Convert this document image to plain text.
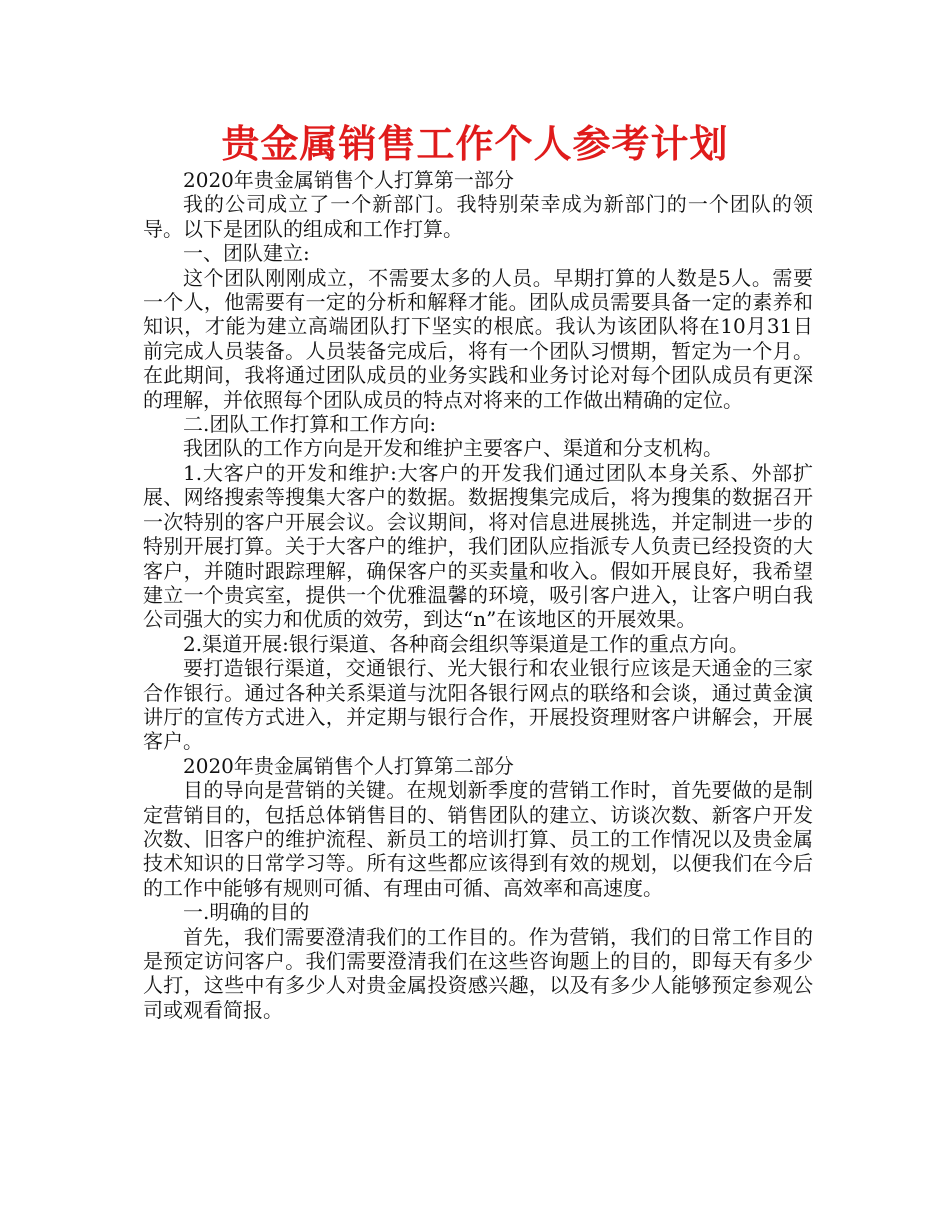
贵金属销售工作个人参考计划

2020年贵金属销售个人打算第一部分

我的公司成立了一个新部门。我特别荣幸成为新部门的一个团队的领导。以下是团队的组成和工作打算。

一、团队建立:

这个团队刚刚成立，不需要太多的人员。早期打算的人数是5人。需要一个人，他需要有一定的分析和解释才能。团队成员需要具备一定的素养和知识，才能为建立高端团队打下坚实的根底。我认为该团队将在10月31日前完成人员装备。人员装备完成后，将有一个团队习惯期，暂定为一个月。在此期间，我将通过团队成员的业务实践和业务讨论对每个团队成员有更深的理解，并依照每个团队成员的特点对将来的工作做出精确的定位。

二.团队工作打算和工作方向:

我团队的工作方向是开发和维护主要客户、渠道和分支机构。

1.大客户的开发和维护:大客户的开发我们通过团队本身关系、外部扩展、网络搜索等搜集大客户的数据。数据搜集完成后，将为搜集的数据召开一次特别的客户开展会议。会议期间，将对信息进展挑选，并定制进一步的特别开展打算。关于大客户的维护，我们团队应指派专人负责已经投资的大客户，并随时跟踪理解，确保客户的买卖量和收入。假如开展良好，我希望建立一个贵宾室，提供一个优雅温馨的环境，吸引客户进入，让客户明白我公司强大的实力和优质的效劳，到达“n”在该地区的开展效果。

2.渠道开展:银行渠道、各种商会组织等渠道是工作的重点方向。

要打造银行渠道，交通银行、光大银行和农业银行应该是天通金的三家合作银行。通过各种关系渠道与沈阳各银行网点的联络和会谈，通过黄金演讲厅的宣传方式进入，并定期与银行合作，开展投资理财客户讲解会，开展客户。

2020年贵金属销售个人打算第二部分

目的导向是营销的关键。在规划新季度的营销工作时，首先要做的是制定营销目的，包括总体销售目的、销售团队的建立、访谈次数、新客户开发次数、旧客户的维护流程、新员工的培训打算、员工的工作情况以及贵金属技术知识的日常学习等。所有这些都应该得到有效的规划，以便我们在今后的工作中能够有规则可循、有理由可循、高效率和高速度。

一.明确的目的

首先，我们需要澄清我们的工作目的。作为营销，我们的日常工作目的是预定访问客户。我们需要澄清我们在这些咨询题上的目的，即每天有多少人打，这些中有多少人对贵金属投资感兴趣，以及有多少人能够预定参观公司或观看简报。
